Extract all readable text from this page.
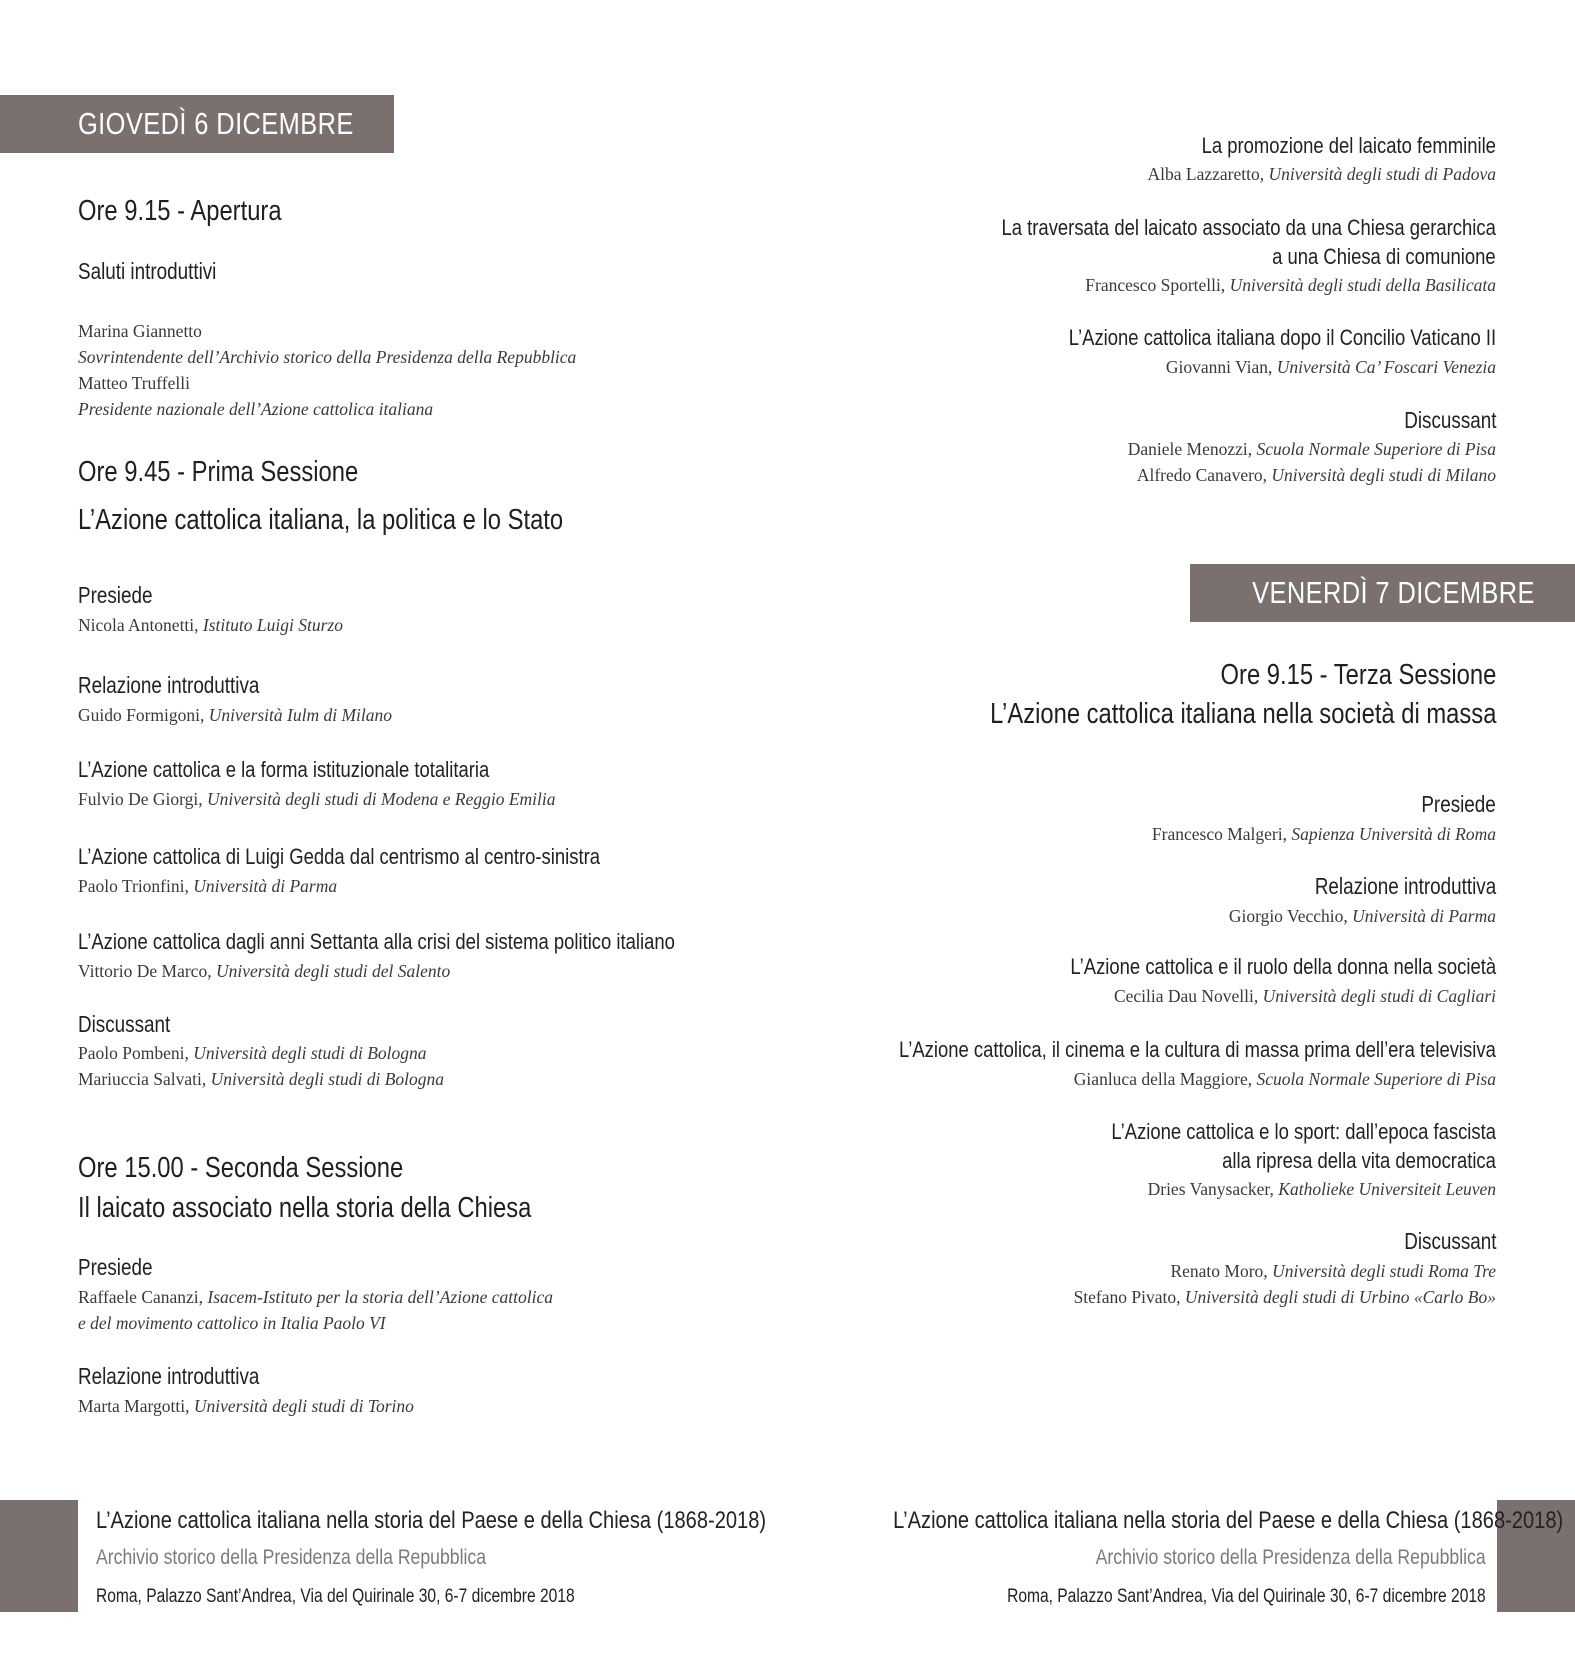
GIOVEDÌ 6 DICEMBRE
Ore 9.15 - Apertura
Saluti introduttivi
Marina Giannetto
Sovrintendente dell’Archivio storico della Presidenza della Repubblica
Matteo Truffelli
Presidente nazionale dell’Azione cattolica italiana
Ore 9.45 - Prima Sessione
L’Azione cattolica italiana, la politica e lo Stato
Presiede
Nicola Antonetti, Istituto Luigi Sturzo
Relazione introduttiva
Guido Formigoni, Università Iulm di Milano
L’Azione cattolica e la forma istituzionale totalitaria
Fulvio De Giorgi, Università degli studi di Modena e Reggio Emilia
L’Azione cattolica di Luigi Gedda dal centrismo al centro-sinistra
Paolo Trionfini, Università di Parma
L’Azione cattolica dagli anni Settanta alla crisi del sistema politico italiano
Vittorio De Marco, Università degli studi del Salento
Discussant
Paolo Pombeni, Università degli studi di Bologna
Mariuccia Salvati, Università degli studi di Bologna
Ore 15.00 - Seconda Sessione
Il laicato associato nella storia della Chiesa
Presiede
Raffaele Cananzi, Isacem-Istituto per la storia dell’Azione cattolica
e del movimento cattolico in Italia Paolo VI
Relazione introduttiva
Marta Margotti, Università degli studi di Torino
La promozione del laicato femminile
Alba Lazzaretto, Università degli studi di Padova
La traversata del laicato associato da una Chiesa gerarchica
a una Chiesa di comunione
Francesco Sportelli, Università degli studi della Basilicata
L’Azione cattolica italiana dopo il Concilio Vaticano II
Giovanni Vian, Università Ca’ Foscari Venezia
Discussant
Daniele Menozzi, Scuola Normale Superiore di Pisa
Alfredo Canavero, Università degli studi di Milano
VENERDÌ 7 DICEMBRE
Ore 9.15 - Terza Sessione
L’Azione cattolica italiana nella società di massa
Presiede
Francesco Malgeri, Sapienza Università di Roma
Relazione introduttiva
Giorgio Vecchio, Università di Parma
L’Azione cattolica e il ruolo della donna nella società
Cecilia Dau Novelli, Università degli studi di Cagliari
L’Azione cattolica, il cinema e la cultura di massa prima dell’era televisiva
Gianluca della Maggiore, Scuola Normale Superiore di Pisa
L’Azione cattolica e lo sport: dall’epoca fascista
alla ripresa della vita democratica
Dries Vanysacker, Katholieke Universiteit Leuven
Discussant
Renato Moro, Università degli studi Roma Tre
Stefano Pivato, Università degli studi di Urbino «Carlo Bo»
L’Azione cattolica italiana nella storia del Paese e della Chiesa (1868-2018)
Archivio storico della Presidenza della Repubblica
Roma, Palazzo Sant’Andrea, Via del Quirinale 30, 6-7 dicembre 2018
L’Azione cattolica italiana nella storia del Paese e della Chiesa (1868-2018)
Archivio storico della Presidenza della Repubblica
Roma, Palazzo Sant’Andrea, Via del Quirinale 30, 6-7 dicembre 2018
